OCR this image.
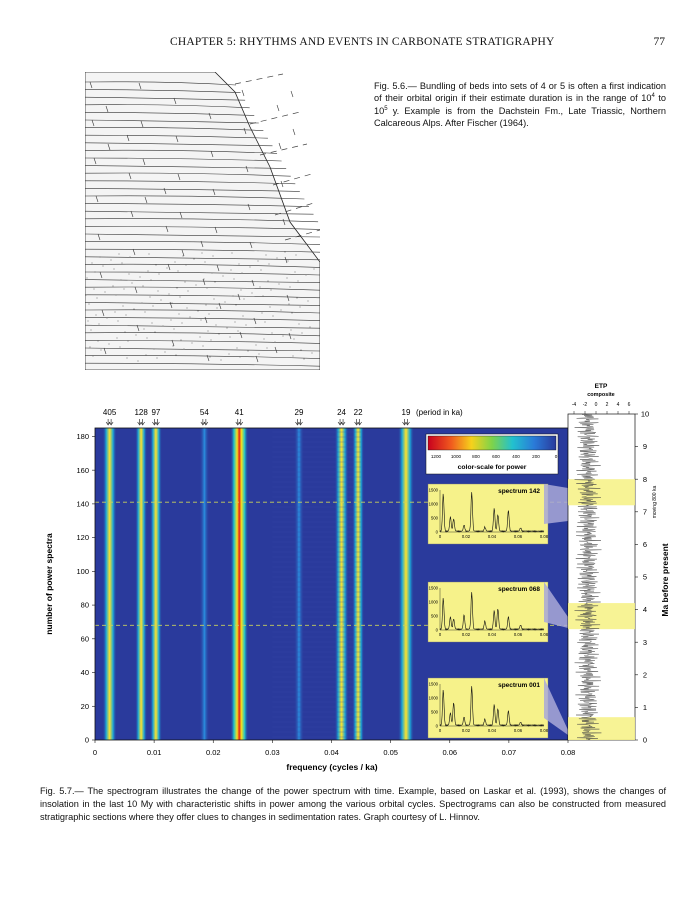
CHAPTER 5: RHYTHMS AND EVENTS IN CARBONATE STRATIGRAPHY	77
Fig. 5.6.— Bundling of beds into sets of 4 or 5 is often a first indication of their orbital origin if their estimate duration is in the range of $10^4$ to $10^5$ y. Example is from the Dachstein Fm., Late Triassic, Northern Calcareous Alps. After Fischer (1964).
0	0.01	0.02	0.03	0.04	0.05	0.06	0.07	0.08
0
20
40
60
80
100
120
140
160
180
frequency (cycles / ka)
number of power spectra
405 128 97	54	41	29	24 22	19 (period in ka)
1200 1000 800	600	400	200	0
color-scale for power
spectrum 142
1500
1000
500
0
0	0.02	0.04	0.06	0.08
spectrum 068
1500
1000
500
0
0	0.02	0.04	0.06	0.08
spectrum 001
1500
1000
500
0
0	0.02	0.04	0.06	0.08
ETP
composite
-4 -2 0 2 4 6
0
1
2
3
4
5
6
7
8
9
10
Ma before present
moving 800 ka
Fig. 5.7.— The spectrogram illustrates the change of the power spectrum with time. Example, based on Laskar et al. (1993), shows the changes of insolation in the last 10 My with characteristic shifts in power among the various orbital cycles. Spectrograms can also be constructed from measured stratigraphic sections where they offer clues to changes in sedimentation rates. Graph courtesy of L. Hinnov.
